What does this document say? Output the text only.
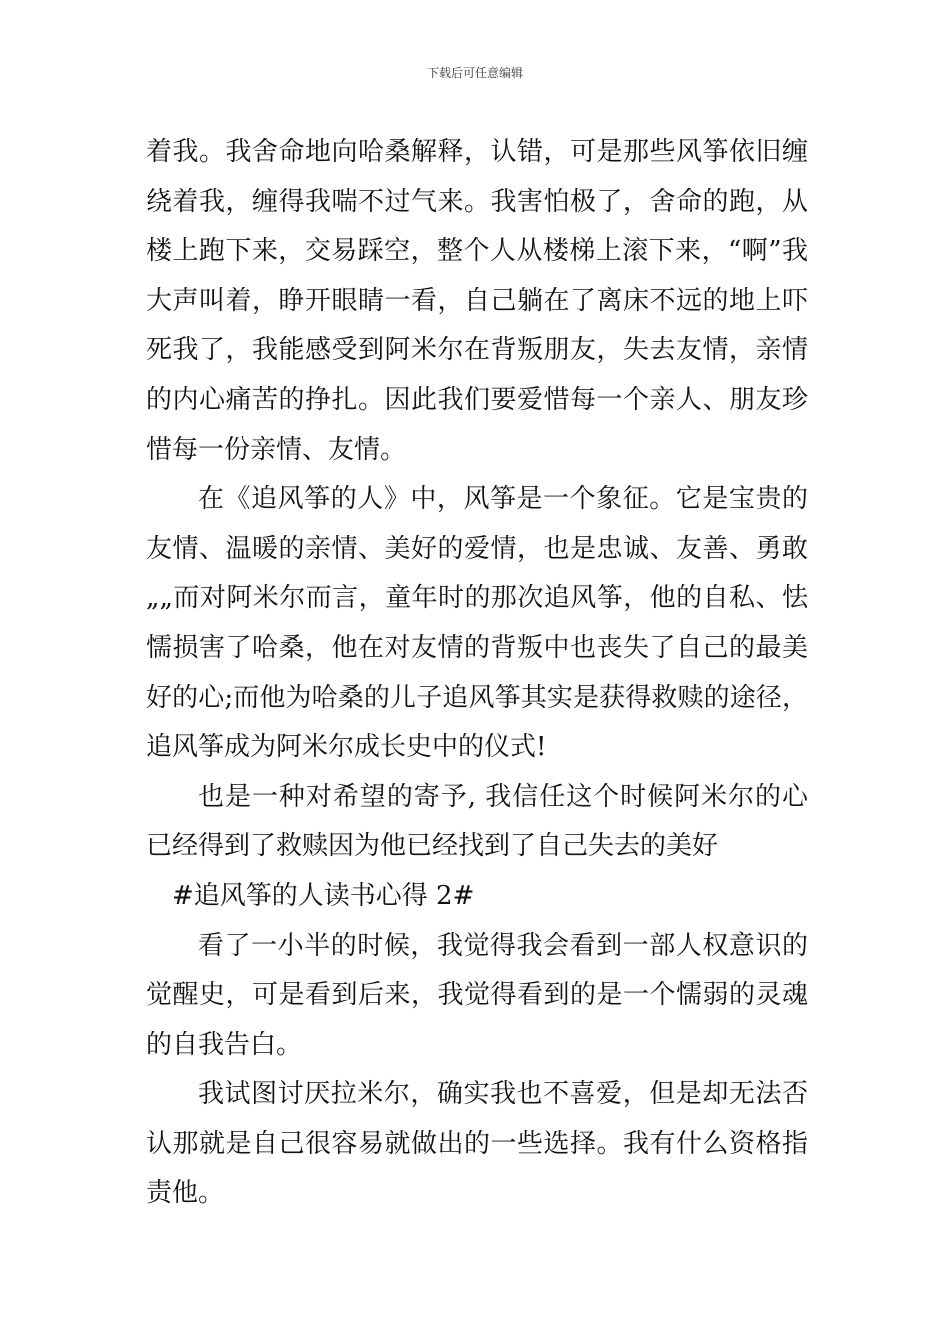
下载后可任意编辑

着我。我舍命地向哈桑解释，认错，可是那些风筝依旧缠绕着我，缠得我喘不过气来。我害怕极了，舍命的跑，从楼上跑下来，交易踩空，整个人从楼梯上滚下来，“啊”我大声叫着，睁开眼睛一看，自己躺在了离床不远的地上吓死我了，我能感受到阿米尔在背叛朋友，失去友情，亲情的内心痛苦的挣扎。因此我们要爱惜每一个亲人、朋友珍惜每一份亲情、友情。

在《追风筝的人》中，风筝是一个象征。它是宝贵的友情、温暖的亲情、美好的爱情，也是忠诚、友善、勇敢„„而对阿米尔而言，童年时的那次追风筝，他的自私、怯懦损害了哈桑，他在对友情的背叛中也丧失了自己的最美好的心;而他为哈桑的儿子追风筝其实是获得救赎的途径，追风筝成为阿米尔成长史中的仪式!

也是一种对希望的寄予, 我信任这个时候阿米尔的心已经得到了救赎因为他已经找到了自己失去的美好

#追风筝的人读书心得 2#

看了一小半的时候，我觉得我会看到一部人权意识的觉醒史，可是看到后来，我觉得看到的是一个懦弱的灵魂的自我告白。

我试图讨厌拉米尔，确实我也不喜爱，但是却无法否认那就是自己很容易就做出的一些选择。我有什么资格指责他。
